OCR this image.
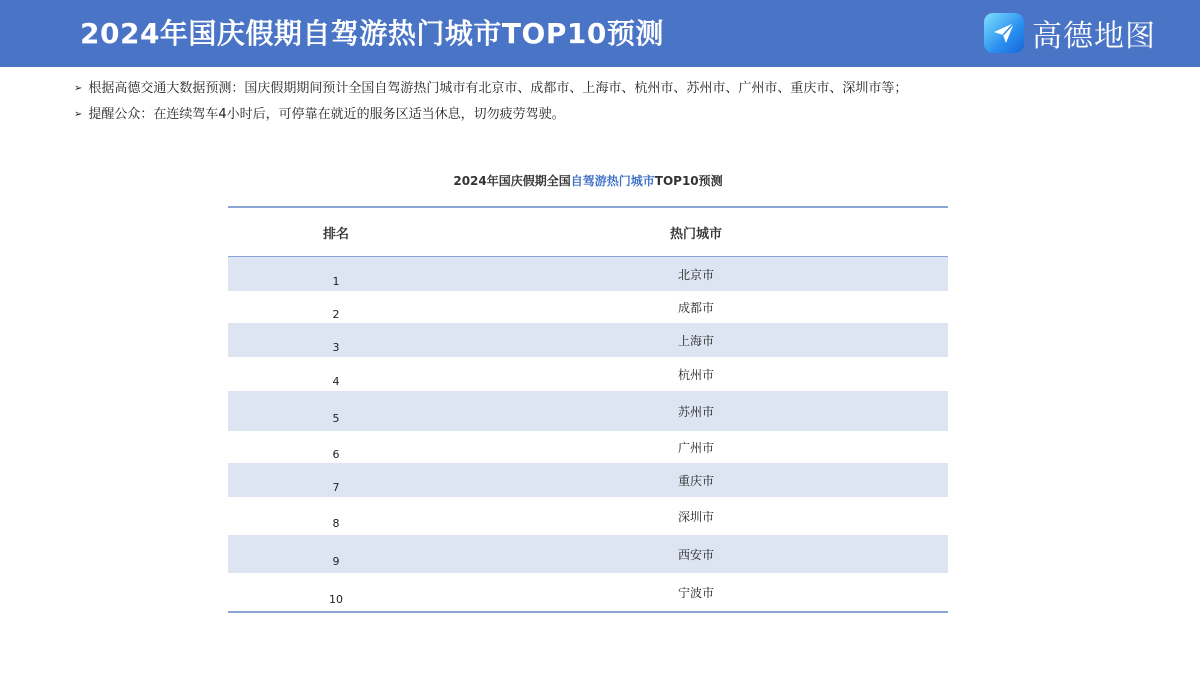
2024年国庆假期自驾游热门城市TOP10预测	高德地图
➢ 根据高德交通大数据预测：国庆假期期间预计全国自驾游热门城市有北京市、成都市、上海市、杭州市、苏州市、广州市、重庆市、深圳市等；
➢ 提醒公众：在连续驾车4小时后，可停靠在就近的服务区适当休息，切勿疲劳驾驶。
2024年国庆假期全国自驾游热门城市TOP10预测
排名	热门城市
1	北京市
2	成都市
3	上海市
4	杭州市
5	苏州市
6	广州市
7	重庆市
8	深圳市
9	西安市
10	宁波市
